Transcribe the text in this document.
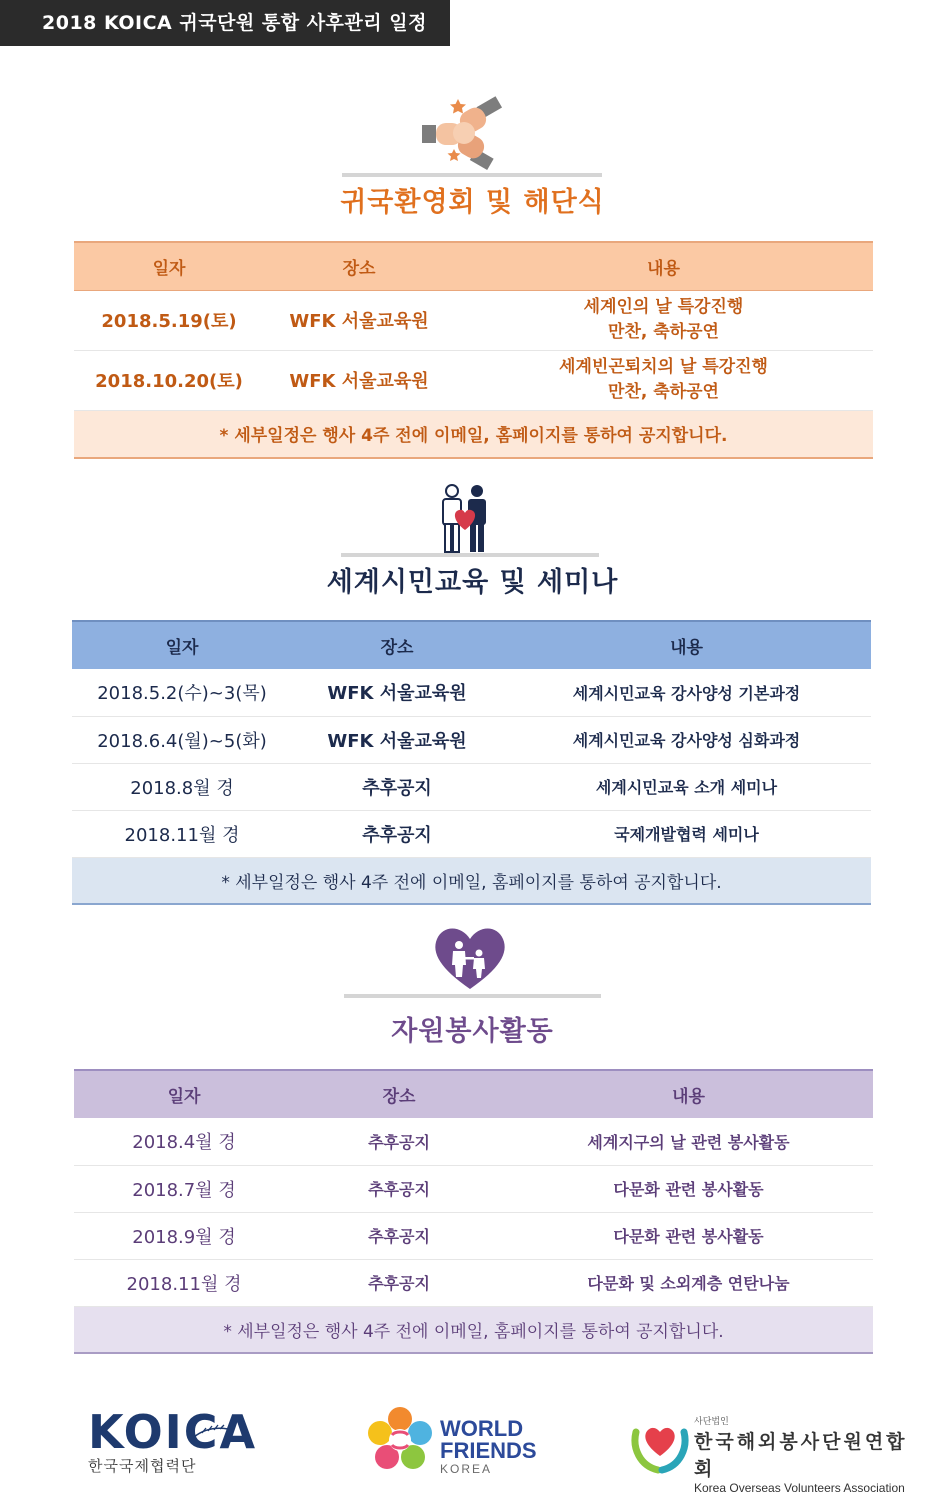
2018 KOICA 귀국단원 통합 사후관리 일정
귀국환영회 및 해단식
일자	장소	내용
2018.5.19(토)	WFK 서울교육원	세계인의 날 특강진행
만찬, 축하공연

2018.10.20(토)	WFK 서울교육원	세계빈곤퇴치의 날 특강진행
만찬, 축하공연

* 세부일정은 행사 4주 전에 이메일, 홈페이지를 통하여 공지합니다.		
세계시민교육 및 세미나
일자	장소	내용
2018.5.2(수)~3(목)	WFK 서울교육원	세계시민교육 강사양성 기본과정
2018.6.4(월)~5(화)	WFK 서울교육원	세계시민교육 강사양성 심화과정
2018.8월 경	추후공지	세계시민교육 소개 세미나
2018.11월 경	추후공지	국제개발협력 세미나
* 세부일정은 행사 4주 전에 이메일, 홈페이지를 통하여 공지합니다.		
자원봉사활동
일자	장소	내용
2018.4월 경	추후공지	세계지구의 날 관련 봉사활동
2018.7월 경	추후공지	다문화 관련 봉사활동
2018.9월 경	추후공지	다문화 관련 봉사활동
2018.11월 경	추후공지	다문화 및 소외계층 연탄나눔
* 세부일정은 행사 4주 전에 이메일, 홈페이지를 통하여 공지합니다.		
KOICA
한국국제협력단
WORLD
FRIENDS
KOREA
사단법인
한국해외봉사단원연합회
Korea Overseas Volunteers Association
